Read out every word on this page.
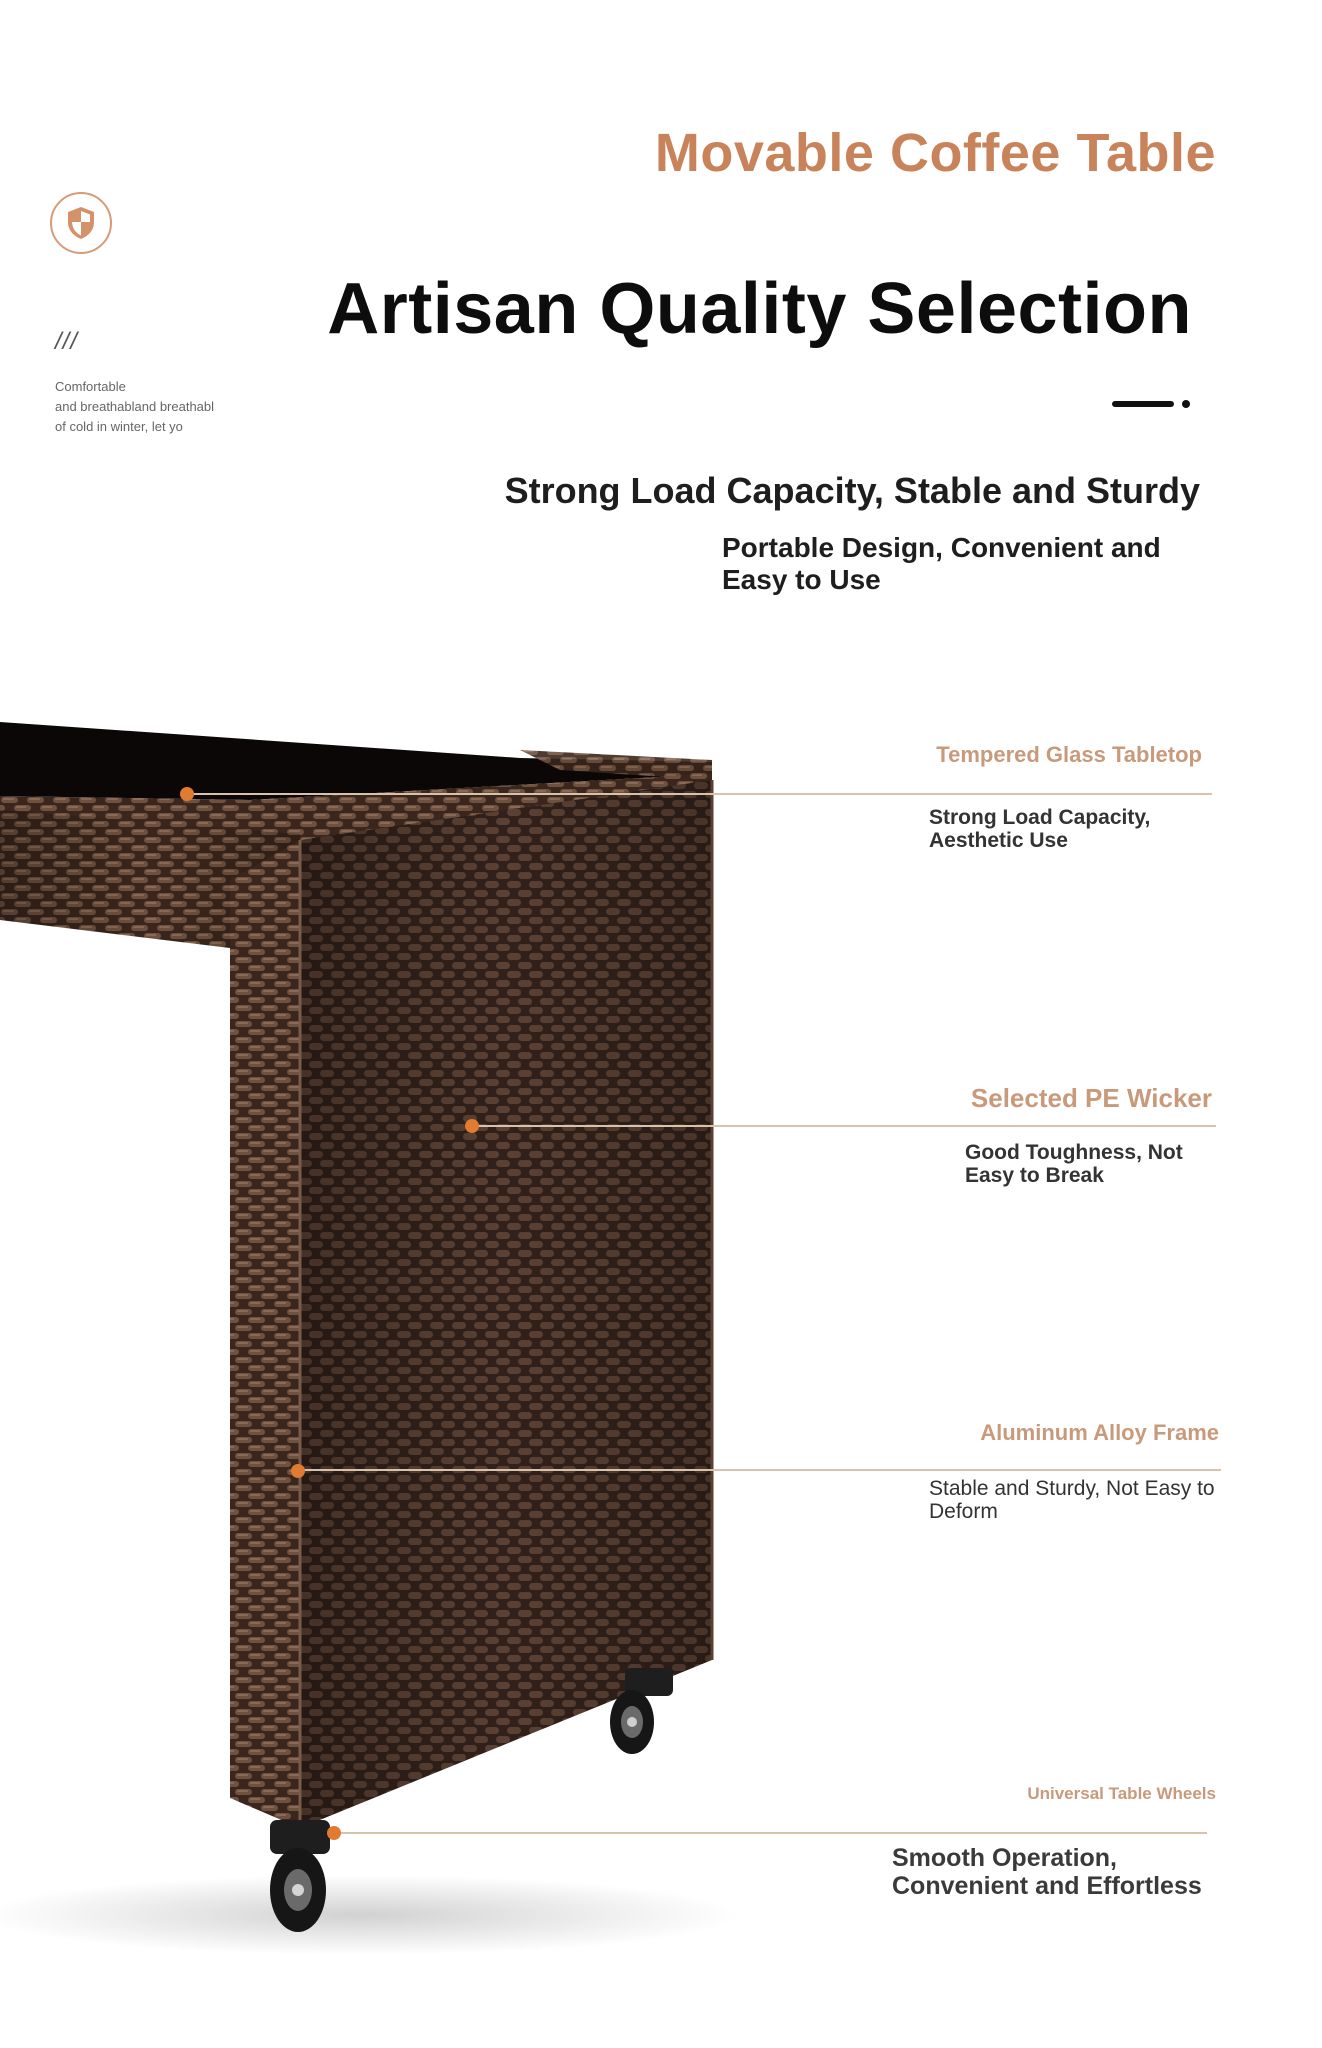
Movable Coffee Table
///
Comfortable
and breathabland breathabl
of cold in winter, let yo
Artisan Quality Selection
Strong Load Capacity, Stable and Sturdy

Portable Design, Convenient and Easy to Use

Tempered Glass Tabletop
Strong Load Capacity, Aesthetic Use
Selected PE Wicker
Good Toughness, Not Easy to Break
Aluminum Alloy Frame
Stable and Sturdy, Not Easy to Deform
Universal Table Wheels
Smooth Operation, Convenient and Effortless
